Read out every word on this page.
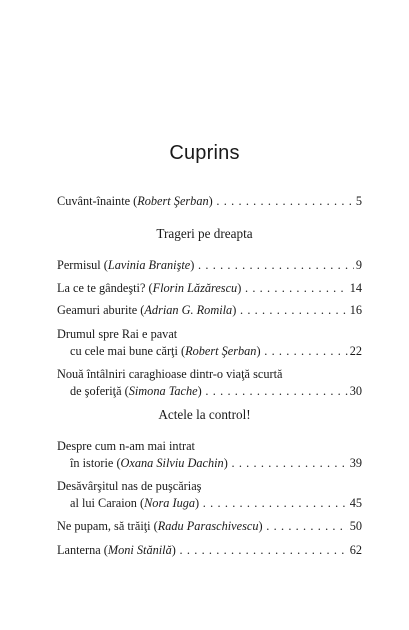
Cuprins
Cuvânt-înainte (Robert Şerban) . . .	5
Trageri pe dreapta
Permisul (Lavinia Branişte) . . .	9
La ce te gândeşti? (Florin Lăzărescu) . . .	14
Geamuri aburite (Adrian G. Romila) . . .	16
Drumul spre Rai e pavat
cu cele mai bune cărţi (Robert Şerban) . . .	22
Nouă întâlniri caraghioase dintr-o viaţă scurtă
de şoferiţă (Simona Tache) . . .	30
Actele la control!
Despre cum n-am mai intrat
în istorie (Oxana Silviu Dachin) . . .	39
Desăvârşitul nas de puşcăriaş
al lui Caraion (Nora Iuga) . . .	45
Ne pupam, să trăiţi (Radu Paraschivescu) . . .	50
Lanterna (Moni Stănilă) . . .	62
